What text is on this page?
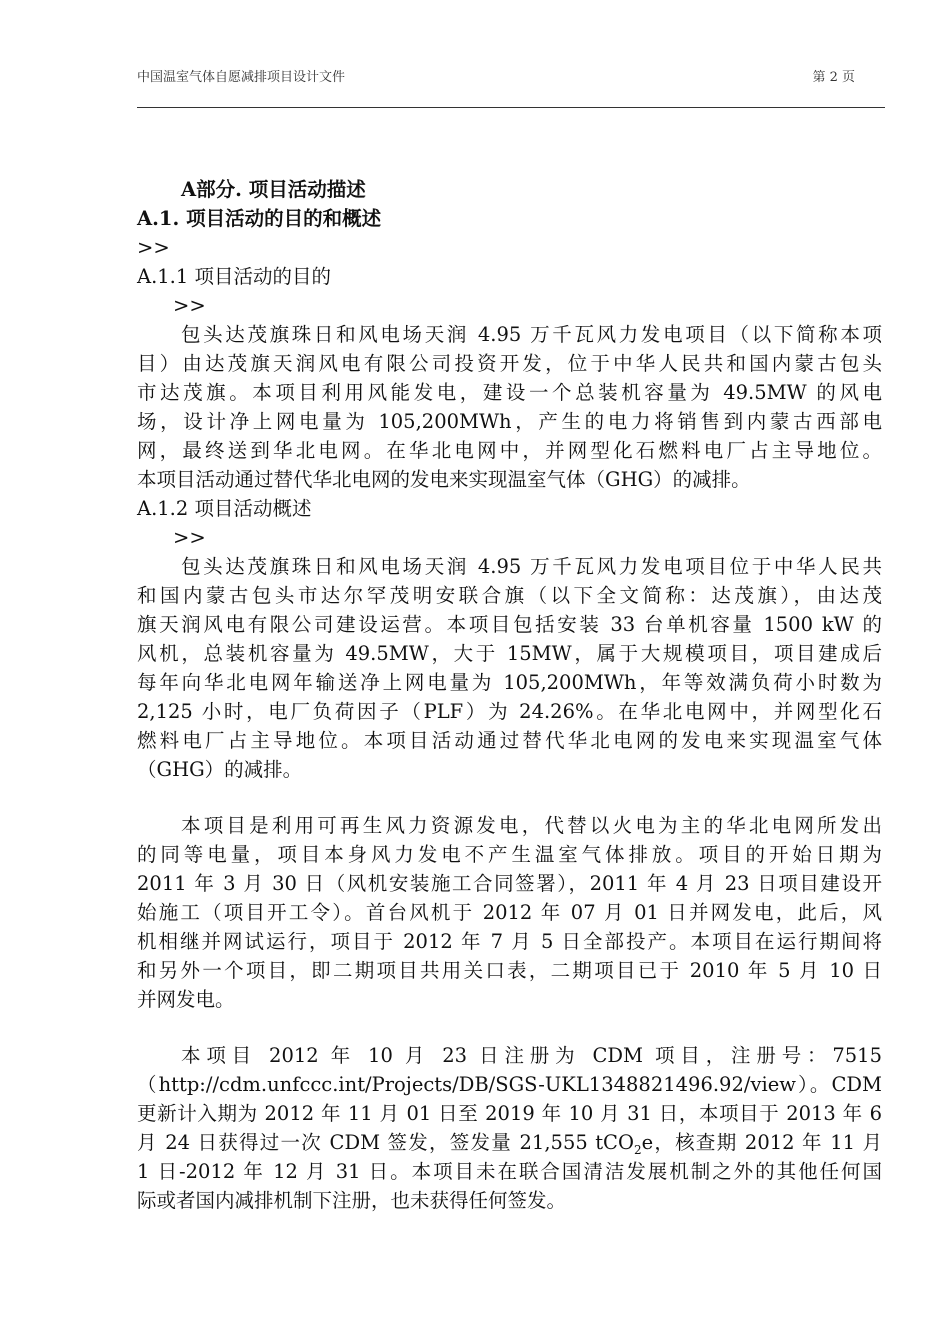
中国温室气体自愿减排项目设计文件	第 2 页
A部分. 项目活动描述
A.1. 项目活动的目的和概述
>>
A.1.1 项目活动的目的
>>
包头达茂旗珠日和风电场天润 4.95 万千瓦风力发电项目（以下简称本项
目）由达茂旗天润风电有限公司投资开发，位于中华人民共和国内蒙古包头
市达茂旗。本项目利用风能发电，建设一个总装机容量为 49.5MW 的风电
场，设计净上网电量为 105,200MWh，产生的电力将销售到内蒙古西部电
网，最终送到华北电网。在华北电网中，并网型化石燃料电厂占主导地位。
本项目活动通过替代华北电网的发电来实现温室气体（GHG）的减排。
A.1.2 项目活动概述
>>
包头达茂旗珠日和风电场天润 4.95 万千瓦风力发电项目位于中华人民共
和国内蒙古包头市达尔罕茂明安联合旗（以下全文简称：达茂旗），由达茂
旗天润风电有限公司建设运营。本项目包括安装 33 台单机容量 1500 kW 的
风机，总装机容量为 49.5MW，大于 15MW，属于大规模项目，项目建成后
每年向华北电网年输送净上网电量为 105,200MWh，年等效满负荷小时数为
2,125 小时，电厂负荷因子（PLF）为 24.26%。在华北电网中，并网型化石
燃料电厂占主导地位。本项目活动通过替代华北电网的发电来实现温室气体
（GHG）的减排。
本项目是利用可再生风力资源发电，代替以火电为主的华北电网所发出
的同等电量，项目本身风力发电不产生温室气体排放。项目的开始日期为
2011 年 3 月 30 日（风机安装施工合同签署），2011 年 4 月 23 日项目建设开
始施工（项目开工令）。首台风机于 2012 年 07 月 01 日并网发电，此后，风
机相继并网试运行，项目于 2012 年 7 月 5 日全部投产。本项目在运行期间将
和另外一个项目，即二期项目共用关口表，二期项目已于 2010 年 5 月 10 日
并网发电。
本项目 2012 年 10 月 23 日注册为 CDM 项目，注册号：7515
（http://cdm.unfccc.int/Projects/DB/SGS-UKL1348821496.92/view）。CDM
更新计入期为 2012 年 11 月 01 日至 2019 年 10 月 31 日，本项目于 2013 年 6
月 24 日获得过一次 CDM 签发，签发量 21,555 tCO$_2$e，核查期 2012 年 11 月
1 日-2012 年 12 月 31 日。本项目未在联合国清洁发展机制之外的其他任何国
际或者国内减排机制下注册，也未获得任何签发。
